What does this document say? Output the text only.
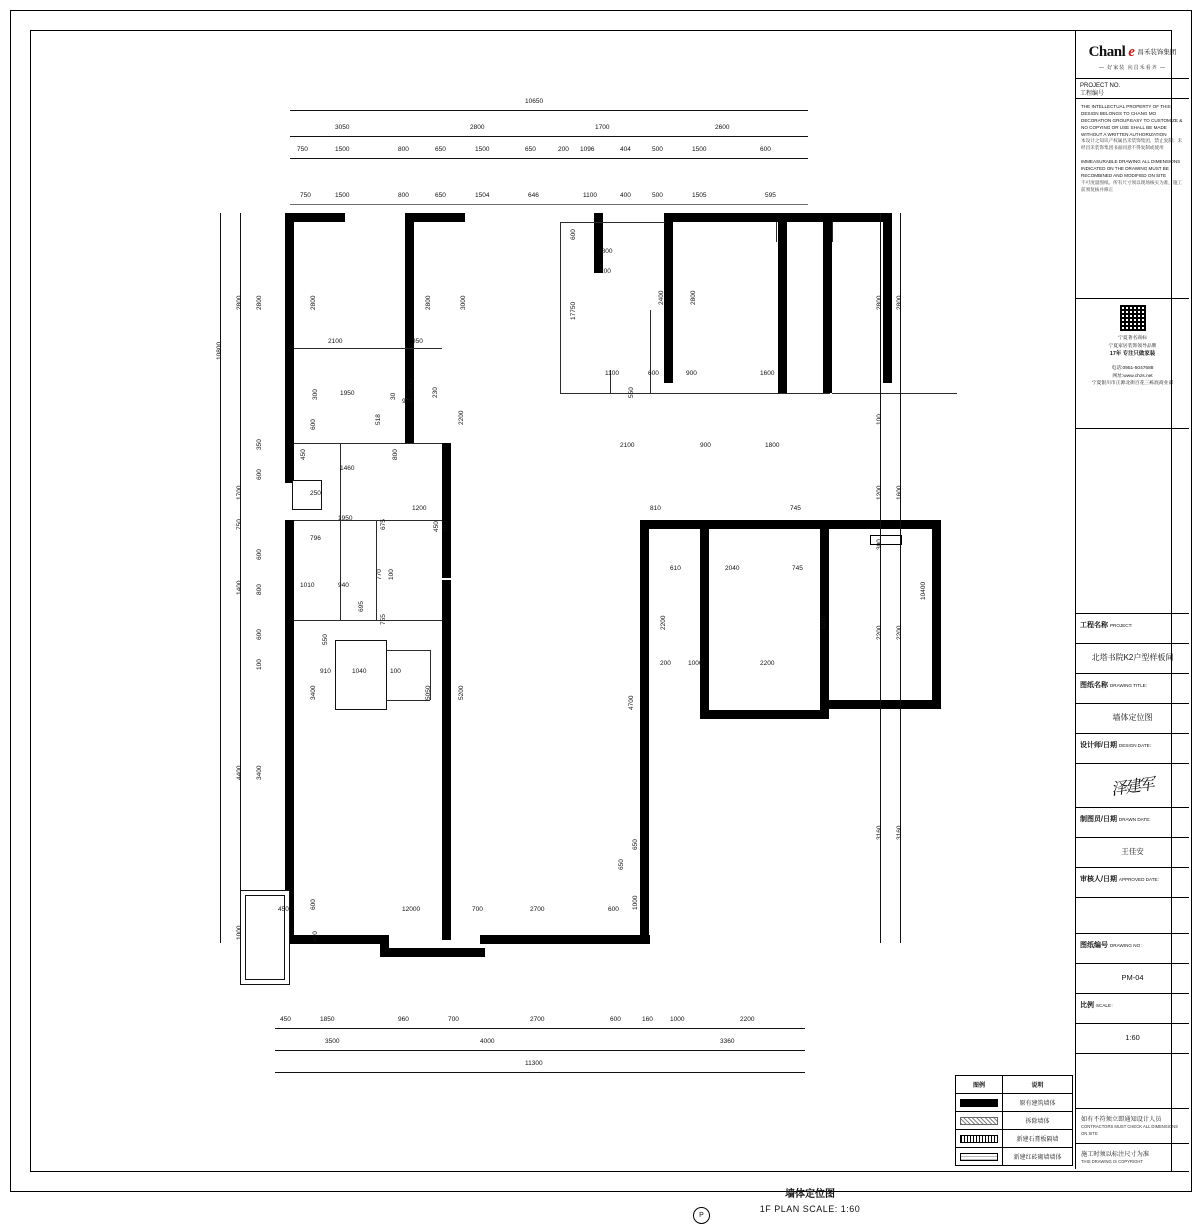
Chanl e 昌禾装饰集团
— 好家装 向昌禾看齐 —
PROJECT NO.
工程编号
THE INTELLECTUAL PROPERTY OF THIS DESIGN BELONGS TO CHANG MO DECORATION GROUP.EASY TO CUSTOMIZE & NO COPYING OR USE SHALL BE MADE WITHOUT A WRITTEN AUTHORIZATION
本设计之知识产权属昌禾装饰集团，禁止复制；未经昌禾装饰集团书面同意不得复制或使用

IMMEASURABLE DRAWING ALL DIMENSIONS INDICATED ON THE DRAWING MUST BE RECOMBINED AND MODIFIED ON SITE
不可度量图纸。所有尺寸须以现场核实为准，施工前须复核并修正
宁夏著名商标
宁夏家居装饰领导品牌
17年 专注只做家装
电话:0951-5047688
网址:www.chzs.net
宁夏银川市正源北街百花三栋底商业部
工程名称 PROJECT:
北塔书院K2户型样板间
图纸名称 DRAWING TITLE:
墙体定位图
设计师/日期 DESIGN DATE:
泽建军
制图员/日期 DRAWN DATE:
王佳安
审核人/日期 APPROVED DATE:
图纸编号 DRAWING NO：
PM-04
比例 SCALE：
1:60
如有不符须立即通知设计人员
CONTRACTORS MUST CHECK ALL DIMENSIONS ON SITE
施工时须以标注尺寸为准
THIS DRAWING IS COPYRIGHT
图例	说明
原有建筑墙体
拆除墙体
新建石膏板隔墙
新建红砖砌墙墙体
10650
3050	2800	1700	2600
750	1500	800	650	1500	650	200 1096	404	500	1500	600
750	1500	800	650	1504	646	1100	400	500	1505	595
10800
2800 2800
1700
350
600
750
600
1400 800
600
100
4400 3400
1000
2800 2800
100
1200 1600
300
2200 2200
3160 3160
10400
450	1850	960	700	2700	600	160	1000	2200
3500	4000	3360
11300
2800	2800	3000
2100	950
300	1950	30
920
200
230
2200
600	518
1460
800
450
250
1950
796
675
1200
450 650
1010	940
770 100
695
755
3400
550
910	1040	100
5050	5200
450	600
400
12000	700	2700	600 1000
650
17750
200
2400	2800
1100	600
550
900	1600
2100	900	1800
810	745
610	2040	745
2200	2200
200	1000	2200
4700
650
600
2800
墙体定位图
1F PLAN SCALE: 1:60
P
